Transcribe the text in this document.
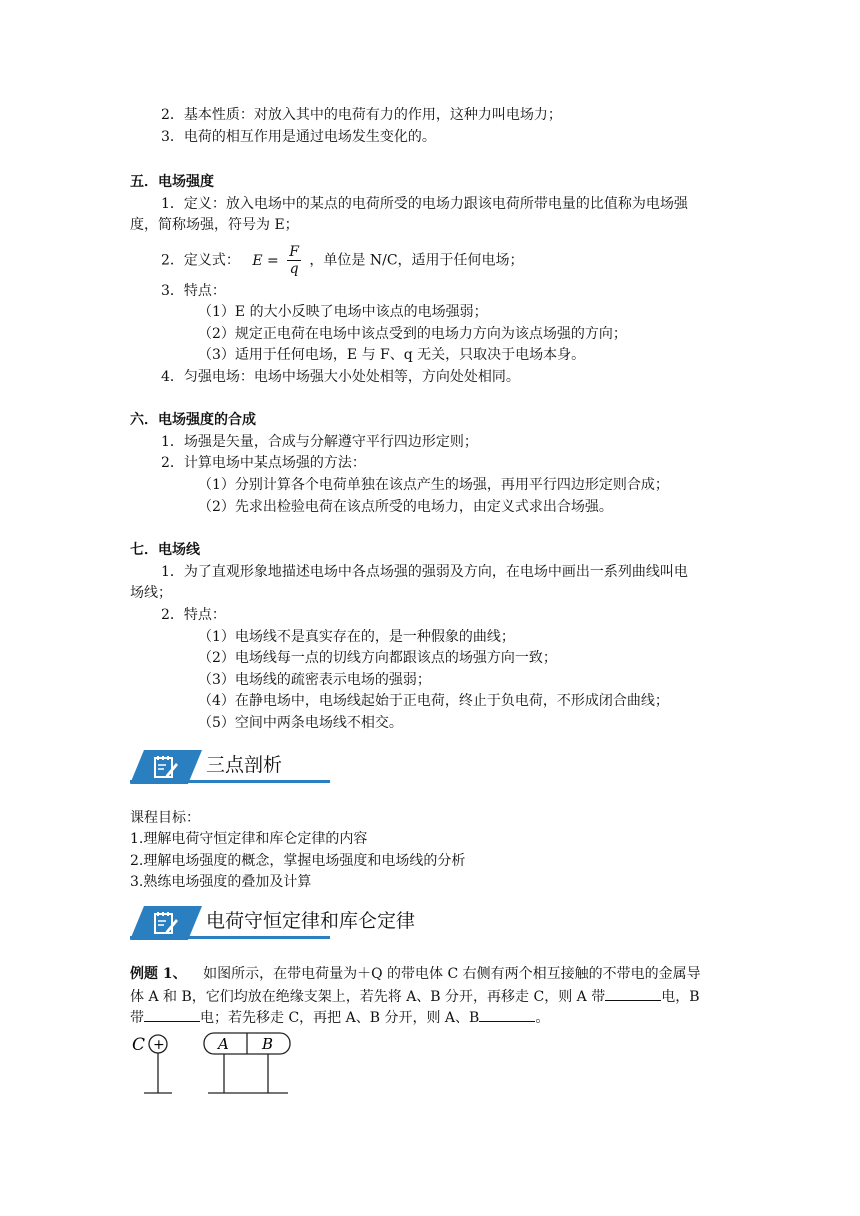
2．基本性质：对放入其中的电荷有力的作用，这种力叫电场力；
3．电荷的相互作用是通过电场发生变化的。
五．电场强度
1．定义：放入电场中的某点的电荷所受的电场力跟该电荷所带电量的比值称为电场强
度，简称场强，符号为 E；
2．定义式： $E = \frac{F}{q}$ ，单位是 N/C，适用于任何电场；
3．特点：
（1）E 的大小反映了电场中该点的电场强弱；
（2）规定正电荷在电场中该点受到的电场力方向为该点场强的方向；
（3）适用于任何电场，E 与 F、q 无关，只取决于电场本身。
4．匀强电场：电场中场强大小处处相等，方向处处相同。
六．电场强度的合成
1．场强是矢量，合成与分解遵守平行四边形定则；
2．计算电场中某点场强的方法：
（1）分别计算各个电荷单独在该点产生的场强，再用平行四边形定则合成；
（2）先求出检验电荷在该点所受的电场力，由定义式求出合场强。
七．电场线
1．为了直观形象地描述电场中各点场强的强弱及方向，在电场中画出一系列曲线叫电
场线；
2．特点：
（1）电场线不是真实存在的，是一种假象的曲线；
（2）电场线每一点的切线方向都跟该点的场强方向一致；
（3）电场线的疏密表示电场的强弱；
（4）在静电场中，电场线起始于正电荷，终止于负电荷，不形成闭合曲线；
（5）空间中两条电场线不相交。
三点剖析
课程目标：
1.理解电荷守恒定律和库仑定律的内容
2.理解电场强度的概念，掌握电场强度和电场线的分析
3.熟练电场强度的叠加及计算
电荷守恒定律和库仑定律
例题 1、 如图所示，在带电荷量为＋Q 的带电体 C 右侧有两个相互接触的不带电的金属导
体 A 和 B，它们均放在绝缘支架上，若先将 A、B 分开，再移走 C，则 A 带	电，B
带	电；若先移走 C，再把 A、B 分开，则 A、B	。
C +	A B
